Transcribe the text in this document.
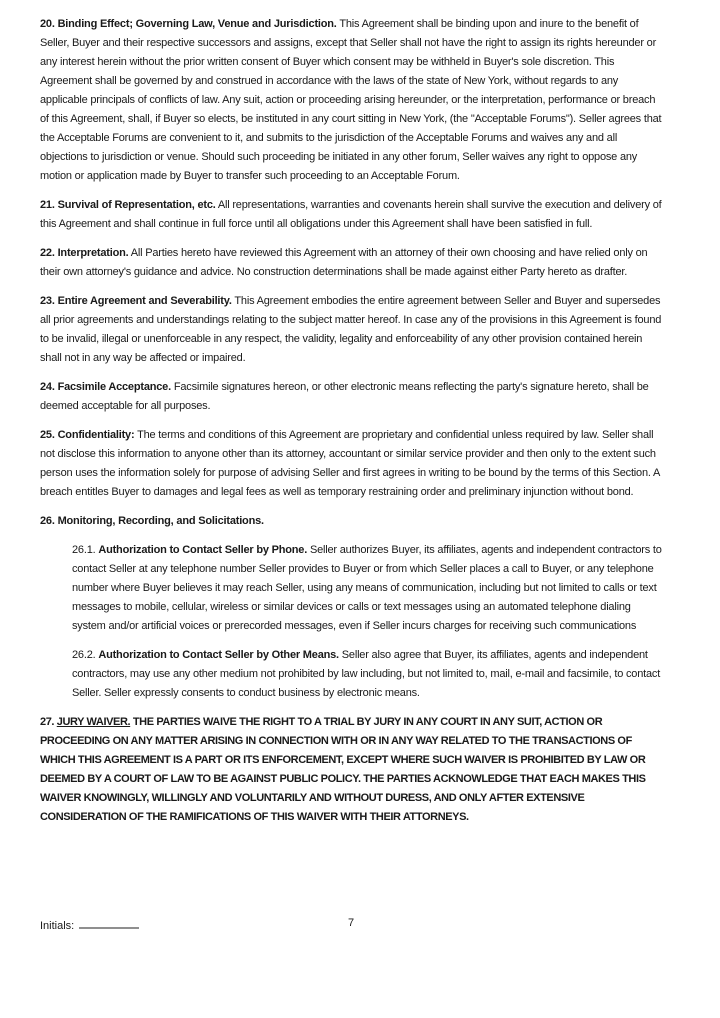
20. Binding Effect; Governing Law, Venue and Jurisdiction. This Agreement shall be binding upon and inure to the benefit of Seller, Buyer and their respective successors and assigns, except that Seller shall not have the right to assign its rights hereunder or any interest herein without the prior written consent of Buyer which consent may be withheld in Buyer's sole discretion. This Agreement shall be governed by and construed in accordance with the laws of the state of New York, without regards to any applicable principals of conflicts of law. Any suit, action or proceeding arising hereunder, or the interpretation, performance or breach of this Agreement, shall, if Buyer so elects, be instituted in any court sitting in New York, (the "Acceptable Forums"). Seller agrees that the Acceptable Forums are convenient to it, and submits to the jurisdiction of the Acceptable Forums and waives any and all objections to jurisdiction or venue. Should such proceeding be initiated in any other forum, Seller waives any right to oppose any motion or application made by Buyer to transfer such proceeding to an Acceptable Forum.

21. Survival of Representation, etc. All representations, warranties and covenants herein shall survive the execution and delivery of this Agreement and shall continue in full force until all obligations under this Agreement shall have been satisfied in full.

22. Interpretation. All Parties hereto have reviewed this Agreement with an attorney of their own choosing and have relied only on their own attorney's guidance and advice. No construction determinations shall be made against either Party hereto as drafter.

23. Entire Agreement and Severability. This Agreement embodies the entire agreement between Seller and Buyer and supersedes all prior agreements and understandings relating to the subject matter hereof. In case any of the provisions in this Agreement is found to be invalid, illegal or unenforceable in any respect, the validity, legality and enforceability of any other provision contained herein shall not in any way be affected or impaired.

24. Facsimile Acceptance. Facsimile signatures hereon, or other electronic means reflecting the party's signature hereto, shall be deemed acceptable for all purposes.

25. Confidentiality: The terms and conditions of this Agreement are proprietary and confidential unless required by law. Seller shall not disclose this information to anyone other than its attorney, accountant or similar service provider and then only to the extent such person uses the information solely for purpose of advising Seller and first agrees in writing to be bound by the terms of this Section. A breach entitles Buyer to damages and legal fees as well as temporary restraining order and preliminary injunction without bond.

26. Monitoring, Recording, and Solicitations.

26.1. Authorization to Contact Seller by Phone. Seller authorizes Buyer, its affiliates, agents and independent contractors to contact Seller at any telephone number Seller provides to Buyer or from which Seller places a call to Buyer, or any telephone number where Buyer believes it may reach Seller, using any means of communication, including but not limited to calls or text messages to mobile, cellular, wireless or similar devices or calls or text messages using an automated telephone dialing system and/or artificial voices or prerecorded messages, even if Seller incurs charges for receiving such communications

26.2. Authorization to Contact Seller by Other Means. Seller also agree that Buyer, its affiliates, agents and independent contractors, may use any other medium not prohibited by law including, but not limited to, mail, e-mail and facsimile, to contact Seller. Seller expressly consents to conduct business by electronic means.

27. JURY WAIVER. THE PARTIES WAIVE THE RIGHT TO A TRIAL BY JURY IN ANY COURT IN ANY SUIT, ACTION OR PROCEEDING ON ANY MATTER ARISING IN CONNECTION WITH OR IN ANY WAY RELATED TO THE TRANSACTIONS OF WHICH THIS AGREEMENT IS A PART OR ITS ENFORCEMENT, EXCEPT WHERE SUCH WAIVER IS PROHIBITED BY LAW OR DEEMED BY A COURT OF LAW TO BE AGAINST PUBLIC POLICY. THE PARTIES ACKNOWLEDGE THAT EACH MAKES THIS WAIVER KNOWINGLY, WILLINGLY AND VOLUNTARILY AND WITHOUT DURESS, AND ONLY AFTER EXTENSIVE CONSIDERATION OF THE RAMIFICATIONS OF THIS WAIVER WITH THEIR ATTORNEYS.

Initials:	7
